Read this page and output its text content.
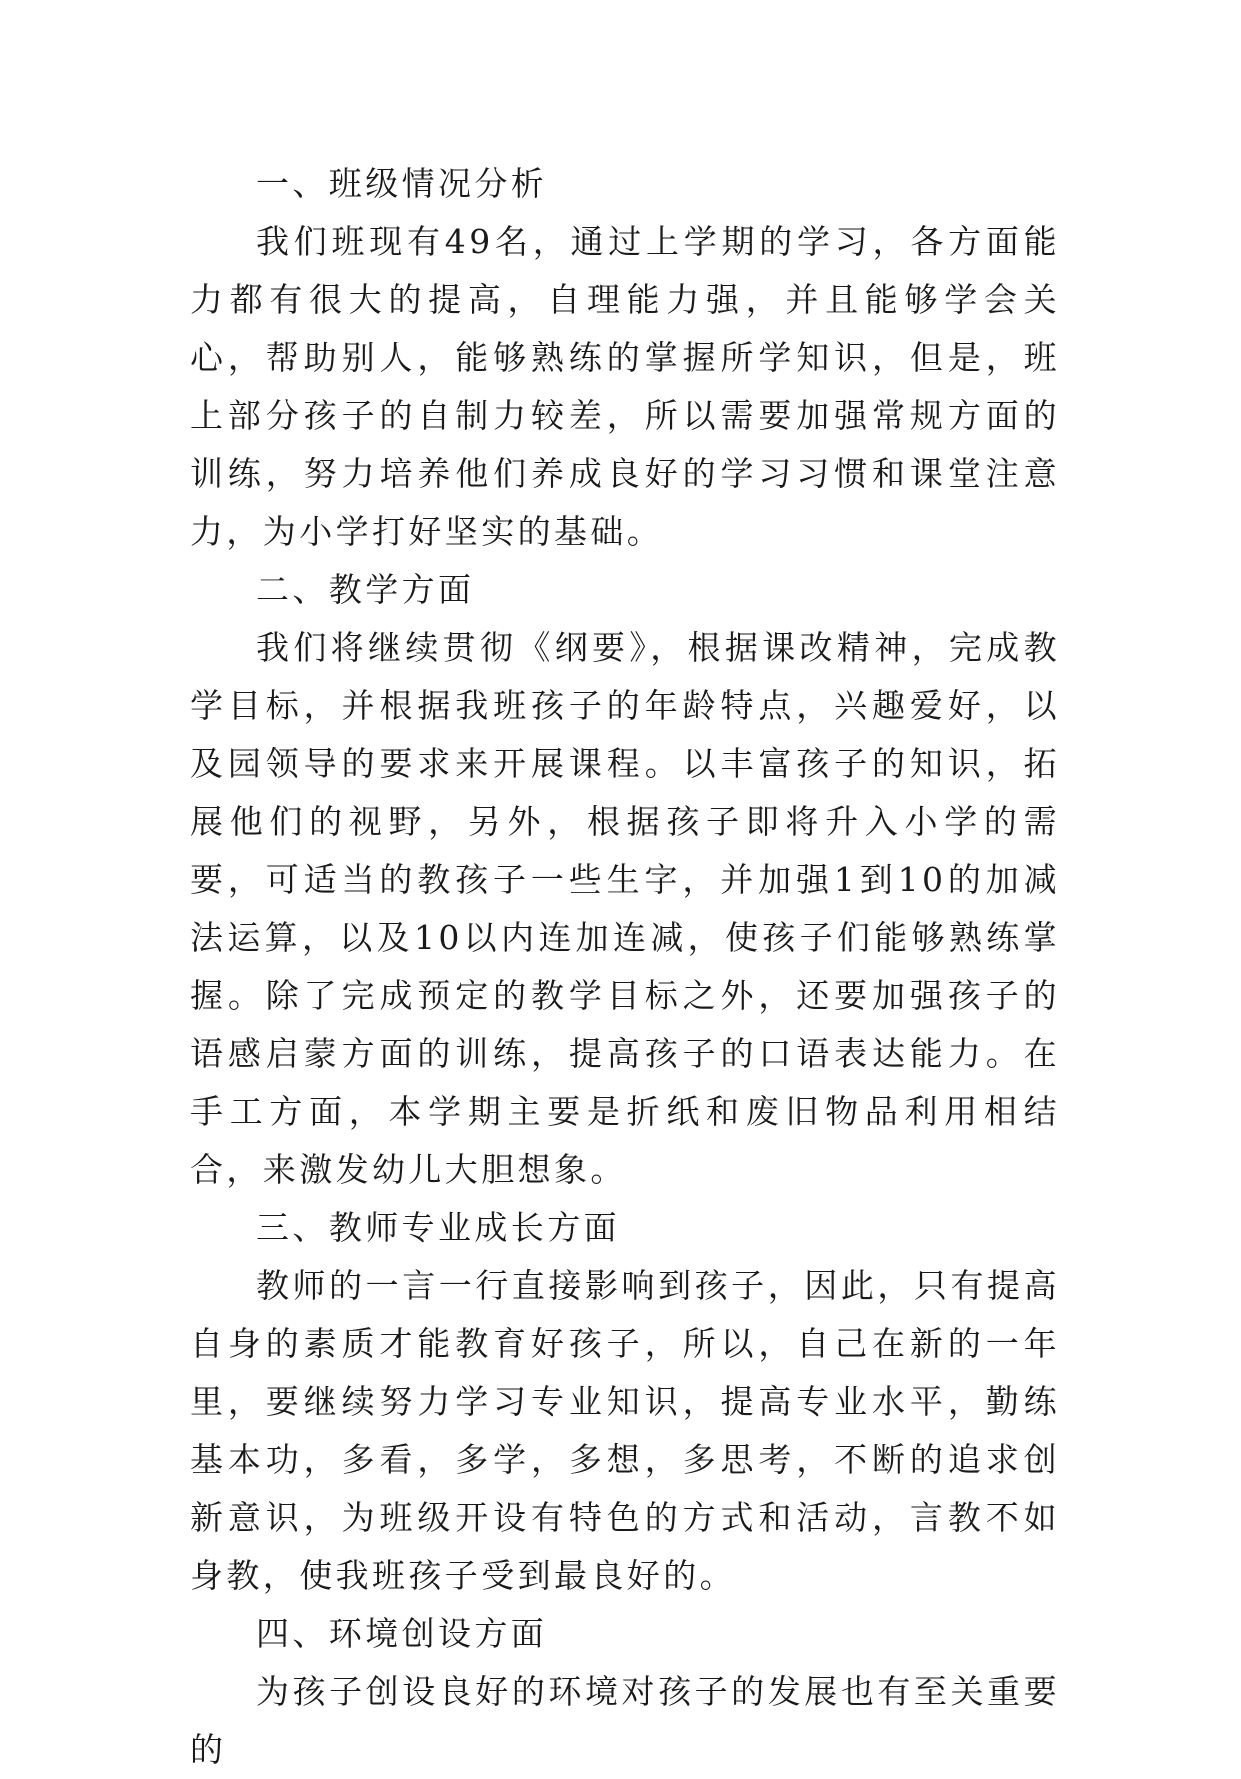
一、班级情况分析

我们班现有49名，通过上学期的学习，各方面能力都有很大的提高，自理能力强，并且能够学会关心，帮助别人，能够熟练的掌握所学知识，但是，班上部分孩子的自制力较差，所以需要加强常规方面的训练，努力培养他们养成良好的学习习惯和课堂注意力，为小学打好坚实的基础。

二、教学方面

我们将继续贯彻《纲要》，根据课改精神，完成教学目标，并根据我班孩子的年龄特点，兴趣爱好，以及园领导的要求来开展课程。以丰富孩子的知识，拓展他们的视野，另外，根据孩子即将升入小学的需要，可适当的教孩子一些生字，并加强1到10的加减法运算，以及10以内连加连减，使孩子们能够熟练掌握。除了完成预定的教学目标之外，还要加强孩子的语感启蒙方面的训练，提高孩子的口语表达能力。在手工方面，本学期主要是折纸和废旧物品利用相结合，来激发幼儿大胆想象。

三、教师专业成长方面

教师的一言一行直接影响到孩子，因此，只有提高自身的素质才能教育好孩子，所以，自己在新的一年里，要继续努力学习专业知识，提高专业水平，勤练基本功，多看，多学，多想，多思考，不断的追求创新意识，为班级开设有特色的方式和活动，言教不如身教，使我班孩子受到最良好的。

四、环境创设方面

为孩子创设良好的环境对孩子的发展也有至关重要的
